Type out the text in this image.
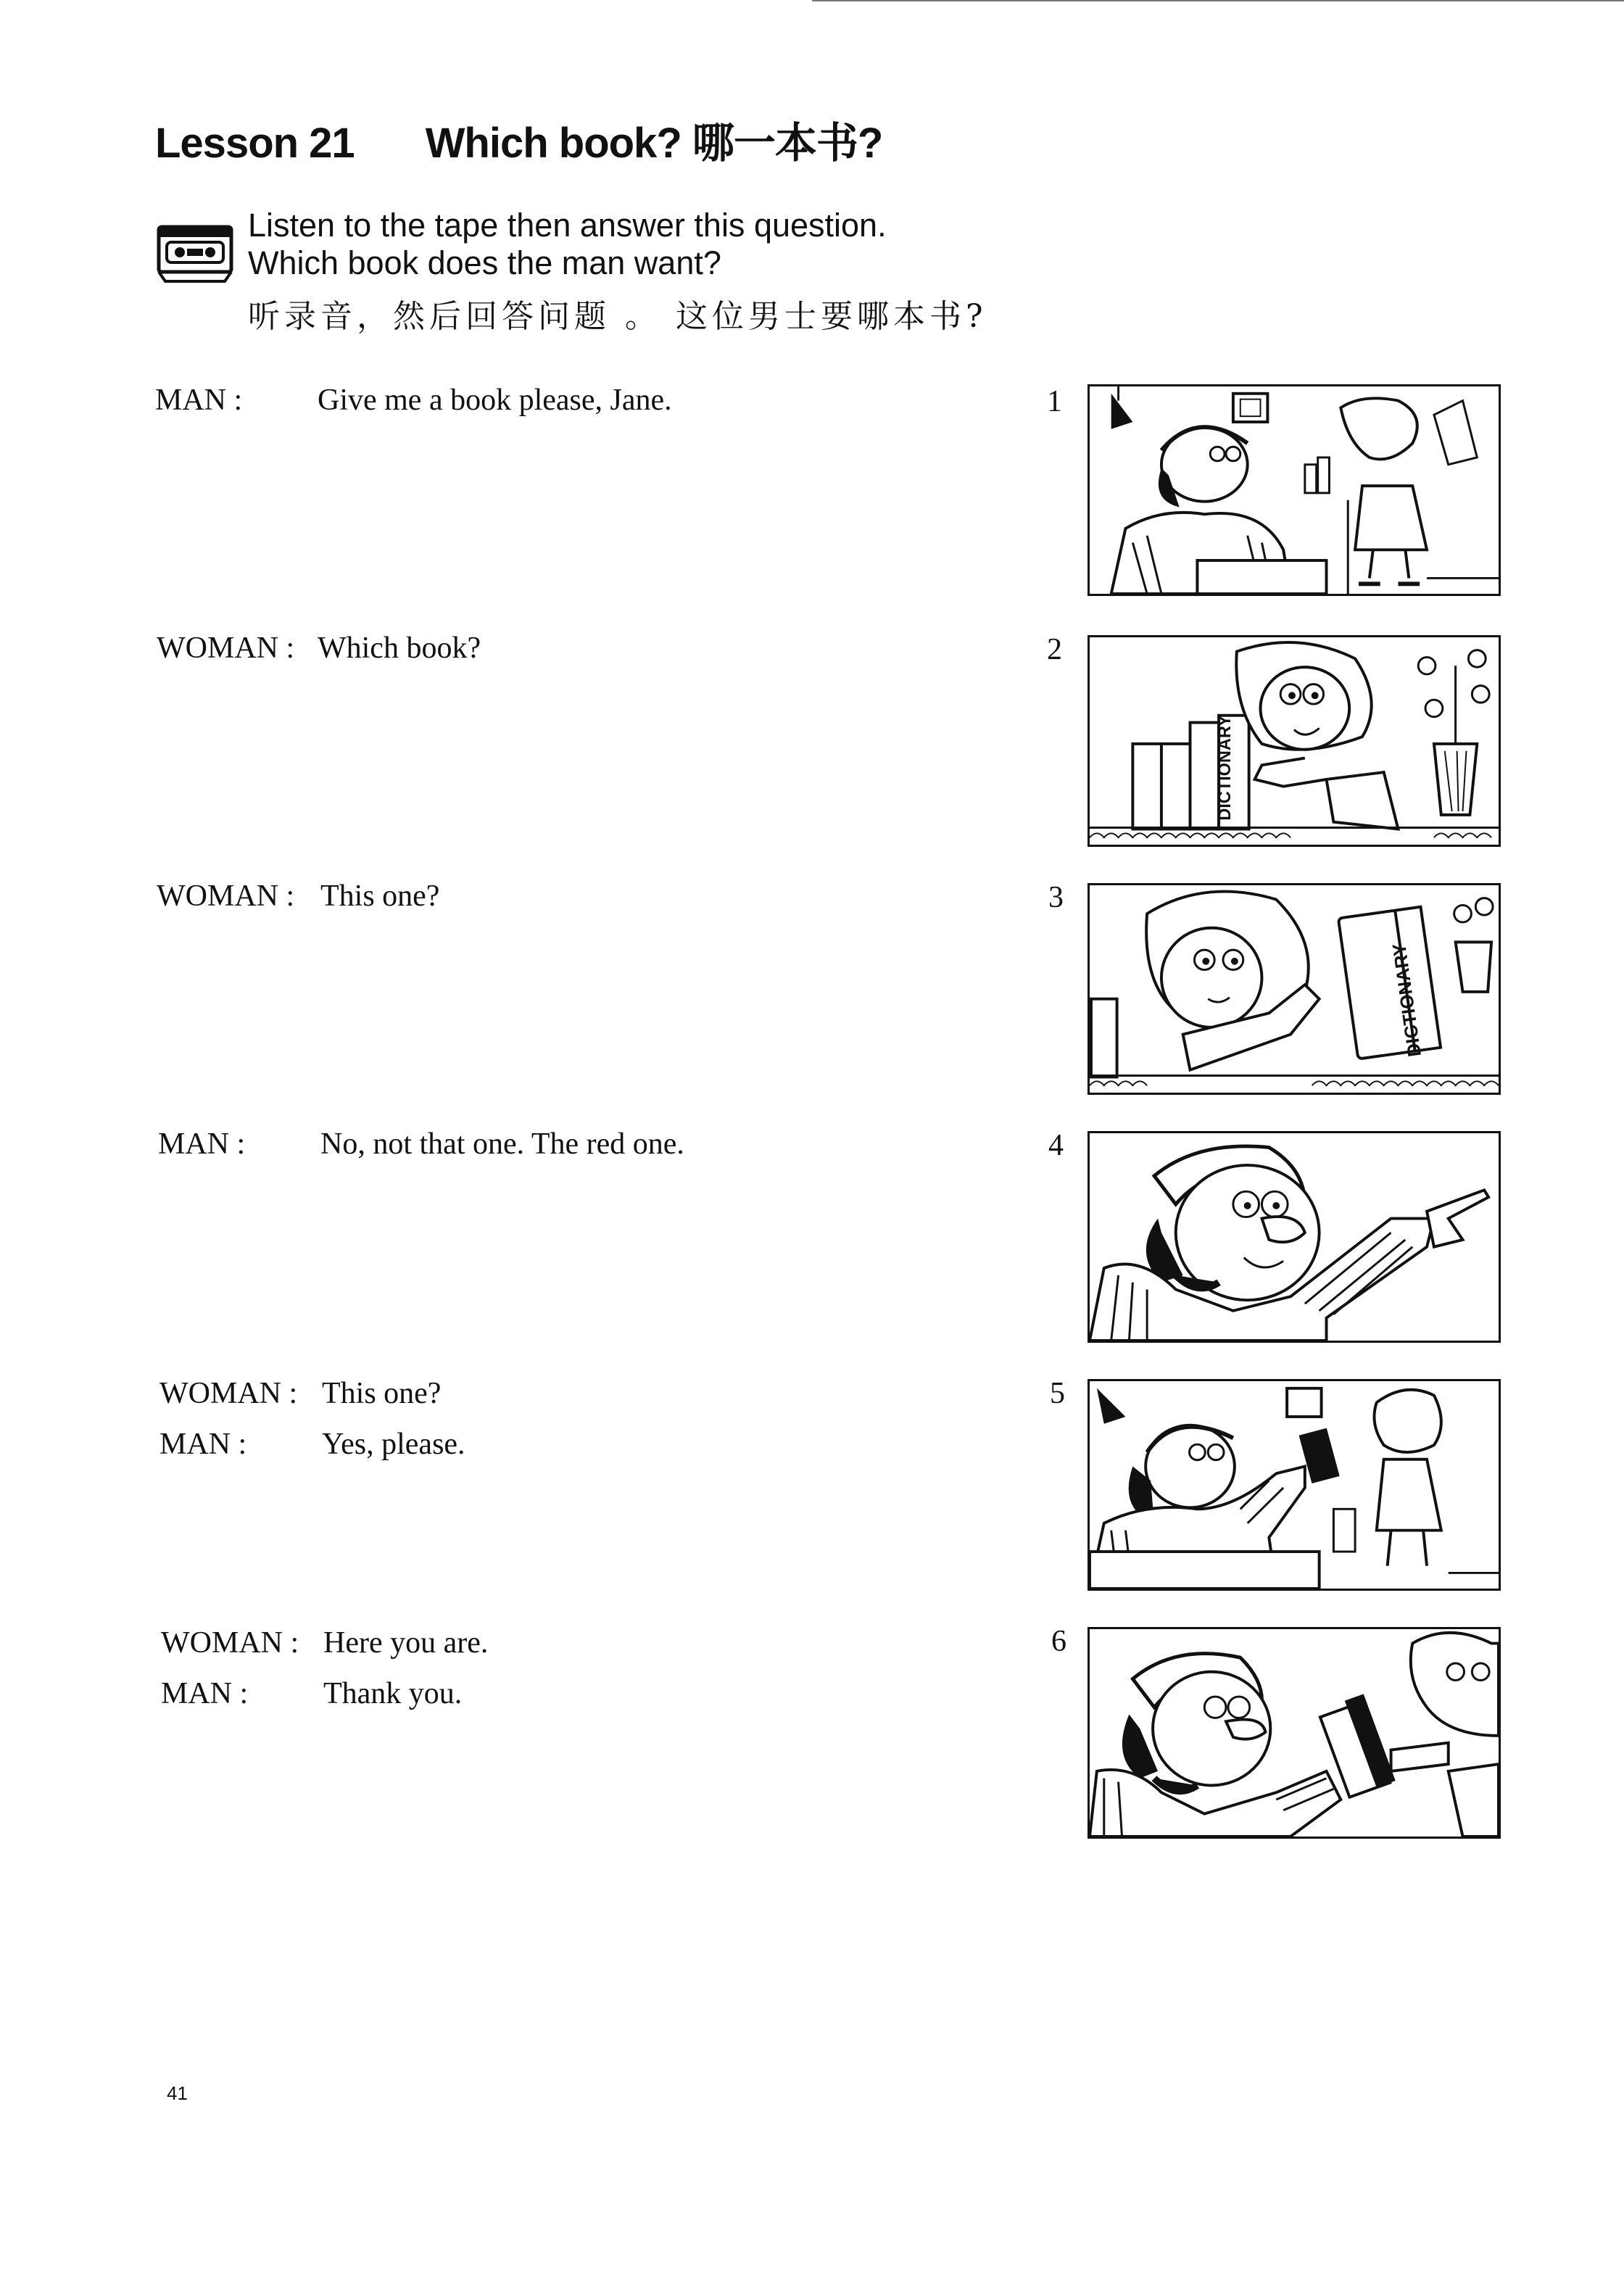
Lesson 21 Which book? 哪一本书?
Listen to the tape then answer this question.
Which book does the man want?
听录音，然后回答问题 。 这位男士要哪本书?
MAN : Give me a book please, Jane.
WOMAN : Which book?
WOMAN : This one?
MAN : No, not that one. The red one.
WOMAN : This one?
MAN : Yes, please.
WOMAN : Here you are.
MAN : Thank you.
1
2
3
4
5
6
DICTIONARY
DICTIONARY
41
